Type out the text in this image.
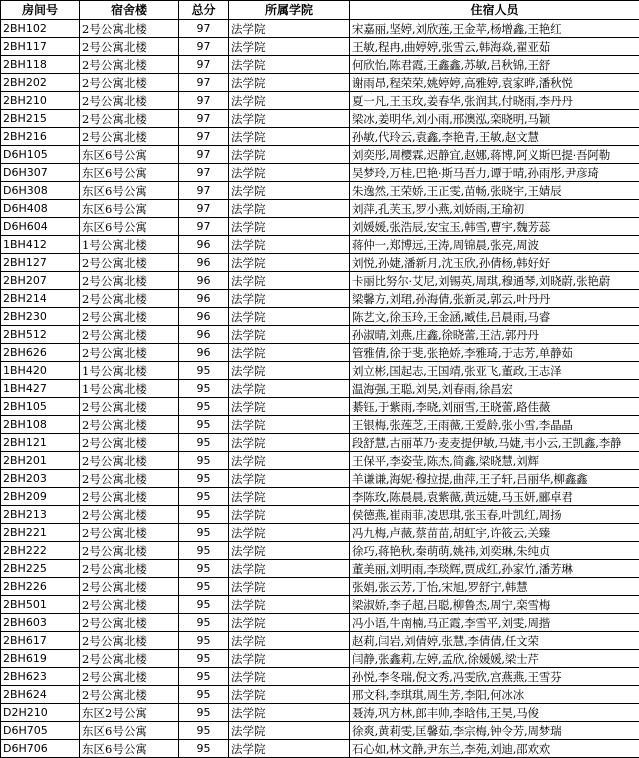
房间号	宿舍楼	总分	所属学院	住宿人员
2BH102	2号公寓北楼	97	法学院	宋嘉丽,坚婷,刘欣莲,王金苹,杨增鑫,王艳红
2BH117	2号公寓北楼	97	法学院	王敏,程冉,曲婷婷,张雪云,韩海焱,翟亚茹
2BH118	2号公寓北楼	97	法学院	何欣怡,陈君霞,王鑫鑫,苏敏,吕秋锦,王舒
2BH202	2号公寓北楼	97	法学院	谢雨昂,程荣荣,姚婷婷,高雅婷,袁家晔,潘秋悦
2BH210	2号公寓北楼	97	法学院	夏一凡,王玉玫,姜春华,张润其,付晓雨,李丹丹
2BH215	2号公寓北楼	97	法学院	梁冰,姜明华,刘小雨,邢澳泓,栾晓明,马颖
2BH216	2号公寓北楼	97	法学院	孙敏,代玲云,袁鑫,李艳青,王敏,赵文慧
D6H105	东区6号公寓	97	法学院	刘奕彤,周樱霖,迟静宜,赵娜,蒋博,阿义斯巴提·吾阿勒
D6H307	东区6号公寓	97	法学院	吴梦玲,万桂,巴艳·斯马吾力,谭于晴,孙雨彤,尹彦琦
D6H308	东区6号公寓	97	法学院	朱逸然,王荣娇,王正雯,苗畅,张晓宇,王婧辰
D6H408	东区6号公寓	97	法学院	刘萍,孔芙玉,罗小燕,刘娇雨,王瑜初
D6H604	东区6号公寓	97	法学院	刘媛媛,张浩辰,安宝玉,韩雪,曹宇,魏芳蕊
1BH412	1号公寓北楼	96	法学院	蒋仲一,郑博远,王涛,周锦晨,张亮,周波
2BH127	2号公寓北楼	96	法学院	刘悦,孙婕,潘新月,沈玉欣,孙倩杨,韩好好
2BH207	2号公寓北楼	96	法学院	卡丽比努尔·艾尼,刘锡英,周琪,穆通琴,刘晓蔚,张艳蔚
2BH214	2号公寓北楼	96	法学院	梁馨方,刘珺,孙海倩,张新灵,郭云,叶丹丹
2BH230	2号公寓北楼	96	法学院	陈艺文,徐玉玲,王金涵,臧佳,吕晨雨,马睿
2BH512	2号公寓北楼	96	法学院	孙淑晴,刘燕,庄鑫,徐晓蕾,王洁,郭丹丹
2BH626	2号公寓北楼	96	法学院	管雅倩,徐于斐,张艳娇,李雅琦,于志芳,单静茹
1BH420	1号公寓北楼	95	法学院	刘立彬,国起志,王国靖,张亚飞,董政,王志泽
1BH427	1号公寓北楼	95	法学院	温海强,王聪,刘昊,刘春雨,徐昌宏
2BH105	2号公寓北楼	95	法学院	綦钰,于紫雨,李晓,刘丽雪,王晓蕾,路佳薇
2BH108	2号公寓北楼	95	法学院	王银梅,张莲芝,王雨薇,王爱龄,张小雪,李晶晶
2BH121	2号公寓北楼	95	法学院	段舒慧,古丽革乃·麦麦提伊敏,马婕,韦小云,王凯鑫,李静
2BH201	2号公寓北楼	95	法学院	王保平,李姿莹,陈杰,简鑫,梁晓慧,刘辉
2BH203	2号公寓北楼	95	法学院	羊谦谦,海妮·穆拉提,曲萍,王子轩,吕丽华,柳鑫鑫
2BH209	2号公寓北楼	95	法学院	李陈玫,陈晨晨,袁紫薇,黄远婕,马玉妍,郦卓君
2BH213	2号公寓北楼	95	法学院	侯德燕,崔雨菲,凌思琪,张玉春,叶凯红,周扬
2BH221	2号公寓北楼	95	法学院	冯九梅,卢薇,蔡苗苗,胡虹宇,许筱云,关臻
2BH222	2号公寓北楼	95	法学院	徐巧,蒋艳秋,秦萌萌,姚祎,刘奕琳,朱纯贞
2BH225	2号公寓北楼	95	法学院	董美丽,刘明雨,李琰辉,贾成红,孙家竹,潘芳琳
2BH226	2号公寓北楼	95	法学院	张娟,张云芳,丁怡,宋旭,罗舒宁,韩慧
2BH501	2号公寓北楼	95	法学院	梁淑娇,李子超,吕聪,柳鲁杰,周宁,栾雪梅
2BH603	2号公寓北楼	95	法学院	冯小语,牛南楠,马正霞,李雪平,刘雯,周揩
2BH617	2号公寓北楼	95	法学院	赵莉,闫岩,刘倩婷,张慧,李倩倩,任文荣
2BH619	2号公寓北楼	95	法学院	闫静,张鑫莉,左婷,孟欣,徐媛媛,梁士芹
2BH623	2号公寓北楼	95	法学院	孙悦,李冬瑞,倪文秀,冯雯欣,宫燕燕,王雪芬
2BH624	2号公寓北楼	95	法学院	邢文科,李琪琪,周生芳,李阳,何冰冰
D2H210	东区2号公寓	95	法学院	聂涛,巩方林,郎丰帅,李晗伟,王昊,马俊
D6H705	东区6号公寓	95	法学院	徐爽,黄莉雯,匡馨茹,李宗梅,钟令芳,周梦瑞
D6H706	东区6号公寓	95	法学院	石心如,林文静,尹东兰,李苑,刘迪,邵欢欢
